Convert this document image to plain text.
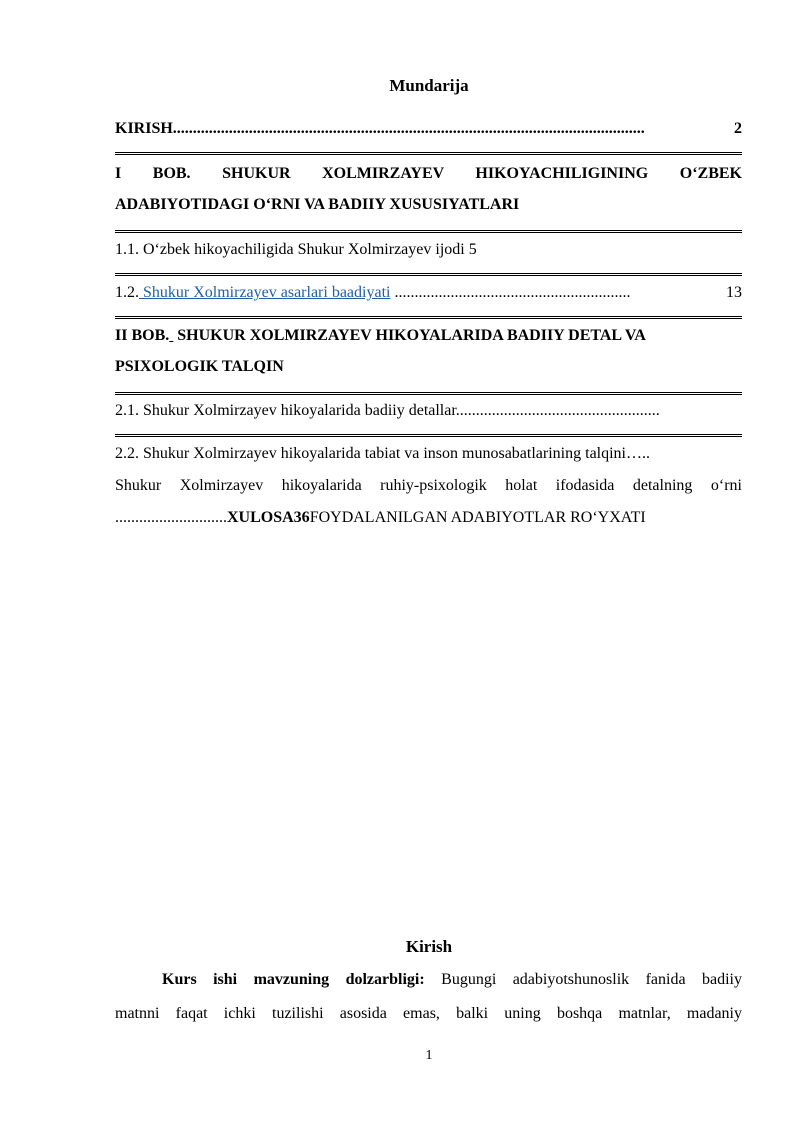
Mundarija
KIRISH......................................................................................................................	2
I BOB. SHUKUR XOLMIRZAYEV HIKOYACHILIGINING O‘ZBEK
ADABIYOTIDAGI O‘RNI VA BADIIY XUSUSIYATLARI
1.1. O‘zbek hikoyachiligida Shukur Xolmirzayev ijodi 5
1.2. Shukur Xolmirzayev asarlari baadiyati ...........................................................	13
II BOB.  SHUKUR XOLMIRZAYEV HIKOYALARIDA BADIIY DETAL VA
PSIXOLOGIK TALQIN
2.1. Shukur Xolmirzayev hikoyalarida badiiy detallar...................................................
2.2. Shukur Xolmirzayev hikoyalarida tabiat va inson munosabatlarining talqini…..
Shukur Xolmirzayev hikoyalarida ruhiy-psixologik holat ifodasida detalning o‘rni
............................XULOSA36FOYDALANILGAN ADABIYOTLAR RO‘YXATI
Kirish
Kurs ishi mavzuning dolzarbligi: Bugungi adabiyotshunoslik fanida badiiy
matnni faqat ichki tuzilishi asosida emas, balki uning boshqa matnlar, madaniy
1
